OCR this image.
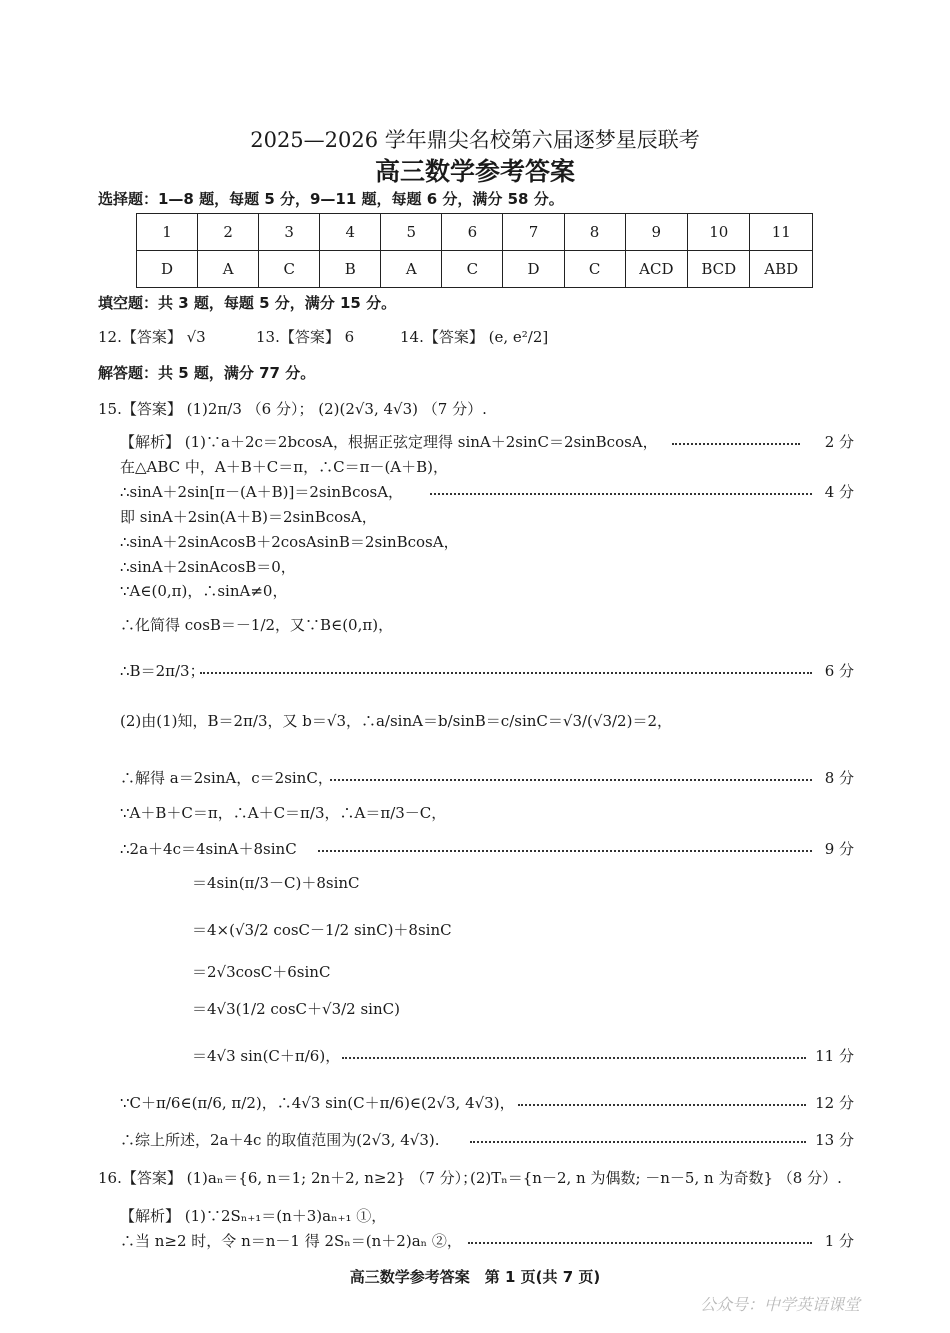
2025—2026 学年鼎尖名校第六届逐梦星辰联考
高三数学参考答案
选择题：1—8 题，每题 5 分，9—11 题，每题 6 分，满分 58 分。
1	2	3	4	5	6	7	8	9	10	11
D	A	C	B	A	C	D	C	ACD	BCD	ABD
填空题：共 3 题，每题 5 分，满分 15 分。
12.【答案】 √3	13.【答案】 6	14.【答案】 (e, e²/2]
解答题：共 5 题，满分 77 分。
15.【答案】 (1)2π/3 （6 分）； (2)(2√3, 4√3) （7 分）.
【解析】 (1)∵a＋2c＝2bcosA，根据正弦定理得 sinA＋2sinC＝2sinBcosA，	2 分
在△ABC 中，A＋B＋C＝π，∴C＝π－(A＋B)，
∴sinA＋2sin[π－(A＋B)]＝2sinBcosA，	4 分
即 sinA＋2sin(A＋B)＝2sinBcosA，
∴sinA＋2sinAcosB＋2cosAsinB＝2sinBcosA，
∴sinA＋2sinAcosB＝0，
∵A∈(0,π)，∴sinA≠0，
∴化简得 cosB＝－1/2，又∵B∈(0,π)，
∴B＝2π/3；	6 分
(2)由(1)知，B＝2π/3，又 b＝√3，∴a/sinA＝b/sinB＝c/sinC＝√3/(√3/2)＝2，
∴解得 a＝2sinA，c＝2sinC，	8 分
∵A＋B＋C＝π，∴A＋C＝π/3，∴A＝π/3－C，
∴2a＋4c＝4sinA＋8sinC	9 分
＝4sin(π/3－C)＋8sinC
＝4×(√3/2 cosC－1/2 sinC)＋8sinC
＝2√3cosC＋6sinC
＝4√3(1/2 cosC＋√3/2 sinC)
＝4√3 sin(C＋π/6)，	11 分
∵C＋π/6∈(π/6, π/2)，∴4√3 sin(C＋π/6)∈(2√3, 4√3)，	12 分
∴综上所述，2a＋4c 的取值范围为(2√3, 4√3).	13 分
16.【答案】 (1)aₙ＝{6, n＝1; 2n＋2, n≥2} （7 分）；
(2)Tₙ＝{n－2, n 为偶数; －n－5, n 为奇数} （8 分）.
【解析】 (1)∵2Sₙ₊₁＝(n＋3)aₙ₊₁ ①，
∴当 n≥2 时，令 n＝n－1 得 2Sₙ＝(n＋2)aₙ ②，	1 分
高三数学参考答案　第 1 页(共 7 页)
公众号：中学英语课堂
